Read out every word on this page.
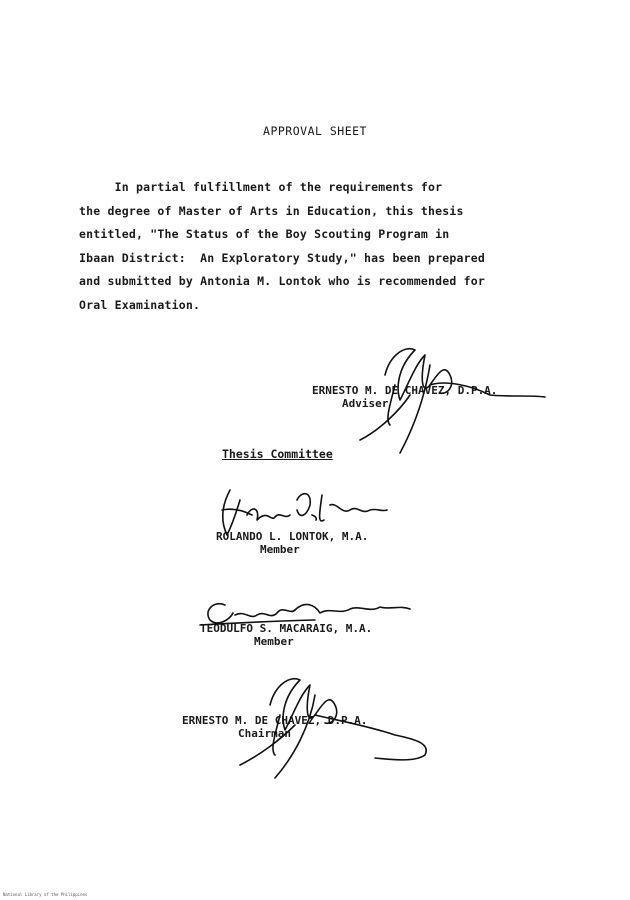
APPROVAL SHEET
In partial fulfillment of the requirements for
the degree of Master of Arts in Education, this thesis
entitled, "The Status of the Boy Scouting Program in
Ibaan District:  An Exploratory Study," has been prepared
and submitted by Antonia M. Lontok who is recommended for
Oral Examination.
ERNESTO M. DE CHAVEZ, D.P.A.
Adviser
Thesis Committee
ROLANDO L. LONTOK, M.A.
Member
TEODULFO S. MACARAIG, M.A.
Member
ERNESTO M. DE CHAVEZ, D.P.A.
Chairman
National Library of the Philippines
